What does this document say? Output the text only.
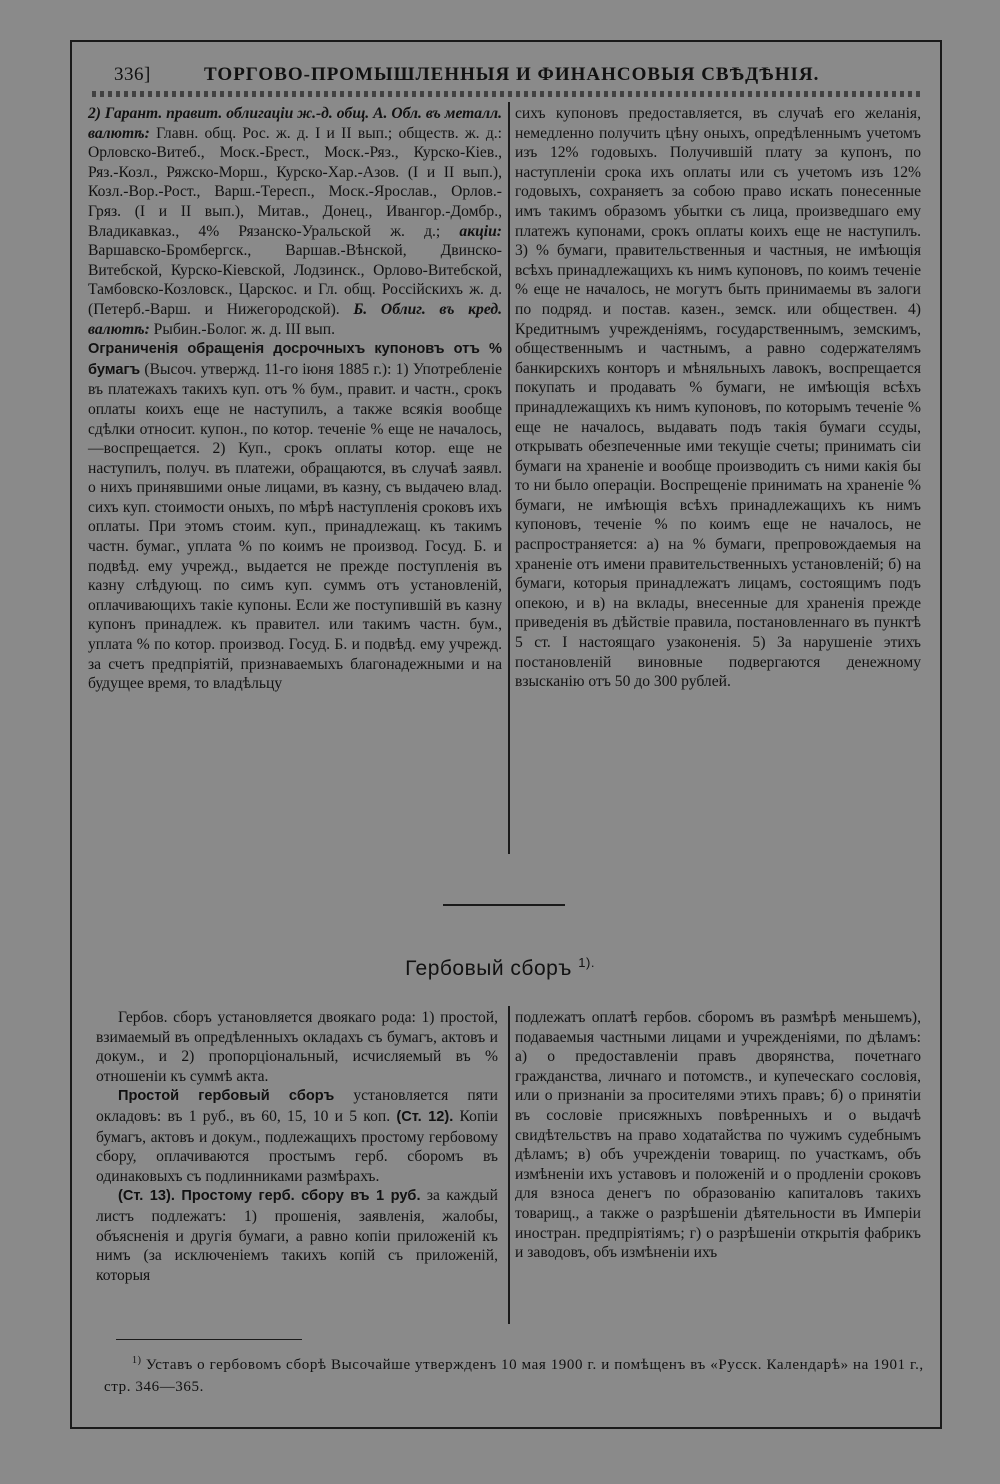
336]	ТОРГОВО-ПРОМЫШЛЕННЫЯ И ФИНАНСОВЫЯ СВѢДѢНІЯ.

2) Гарант. правит. облигаціи ж.-д. общ. А. Обл. въ металл. валютѣ: Главн. общ. Рос. ж. д. I и II вып.; обществ. ж. д.: Орловско-Витеб., Моск.-Брест., Моск.-Ряз., Курско-Кіев., Ряз.-Козл., Ряжско-Морш., Курско-Хар.-Азов. (I и II вып.), Козл.-Вор.-Рост., Варш.-Тересп., Моск.-Ярослав., Орлов.-Гряз. (I и II вып.), Митав., Донец., Ивангор.-Домбр., Владикавказ., 4% Рязанско-Уральской ж. д.; акціи: Варшавско-Бромбергск., Варшав.-Вѣнской, Двинско-Витебской, Курско-Кіевской, Лодзинск., Орлово-Витебской, Тамбовско-Козловск., Царскос. и Гл. общ. Россійскихъ ж. д. (Петерб.-Варш. и Нижегородской). Б. Облиг. въ кред. валютѣ: Рыбин.-Болог. ж. д. III вып.

Ограниченія обращенія досрочныхъ купоновъ отъ % бумагъ (Высоч. утвержд. 11-го іюня 1885 г.): 1) Употребленіе въ платежахъ такихъ куп. отъ % бум., правит. и частн., срокъ оплаты коихъ еще не наступилъ, а также всякія вообще сдѣлки относит. купон., по котор. теченіе % еще не началось,—воспрещается. 2) Куп., срокъ оплаты котор. еще не наступилъ, получ. въ платежи, обращаются, въ случаѣ заявл. о нихъ принявшими оные лицами, въ казну, съ выдачею влад. сихъ куп. стоимости оныхъ, по мѣрѣ наступленія сроковъ ихъ оплаты. При этомъ стоим. куп., принадлежащ. къ такимъ частн. бумаг., уплата % по коимъ не производ. Госуд. Б. и подвѣд. ему учрежд., выдается не прежде поступленія въ казну слѣдующ. по симъ куп. суммъ отъ установленій, оплачивающихъ такіе купоны. Если же поступившій въ казну купонъ принадлеж. къ правител. или такимъ частн. бум., уплата % по котор. производ. Госуд. Б. и подвѣд. ему учрежд. за счетъ предпріятій, признаваемыхъ благонадежными и на будущее время, то владѣльцу

сихъ купоновъ предоставляется, въ случаѣ его желанія, немедленно получить цѣну оныхъ, опредѣленнымъ учетомъ изъ 12% годовыхъ. Получившій плату за купонъ, по наступленіи срока ихъ оплаты или съ учетомъ изъ 12% годовыхъ, сохраняетъ за собою право искать понесенные имъ такимъ образомъ убытки съ лица, произведшаго ему платежъ купонами, срокъ оплаты коихъ еще не наступилъ. 3) % бумаги, правительственныя и частныя, не имѣющія всѣхъ принадлежащихъ къ нимъ купоновъ, по коимъ теченіе % еще не началось, не могутъ быть принимаемы въ залоги по подряд. и постав. казен., земск. или обществен. 4) Кредитнымъ учрежденіямъ, государственнымъ, земскимъ, общественнымъ и частнымъ, а равно содержателямъ банкирскихъ конторъ и мѣняльныхъ лавокъ, воспрещается покупать и продавать % бумаги, не имѣющія всѣхъ принадлежащихъ къ нимъ купоновъ, по которымъ теченіе % еще не началось, выдавать подъ такія бумаги ссуды, открывать обезпеченные ими текущіе счеты; принимать сіи бумаги на храненіе и вообще производить съ ними какія бы то ни было операціи. Воспрещеніе принимать на храненіе % бумаги, не имѣющія всѣхъ принадлежащихъ къ нимъ купоновъ, теченіе % по коимъ еще не началось, не распространяется: а) на % бумаги, препровождаемыя на храненіе отъ имени правительственныхъ установленій; б) на бумаги, которыя принадлежатъ лицамъ, состоящимъ подъ опекою, и в) на вклады, внесенные для храненія прежде приведенія въ дѣйствіе правила, постановленнаго въ пунктѣ 5 ст. I настоящаго узаконенія. 5) За нарушеніе этихъ постановленій виновные подвергаются денежному взысканію отъ 50 до 300 рублей.

Гербовый сборъ $^{1).}$

Гербов. сборъ установляется двоякаго рода: 1) простой, взимаемый въ опредѣленныхъ окладахъ съ бумагъ, актовъ и докум., и 2) пропорціональный, исчисляемый въ % отношеніи къ суммѣ акта.

Простой гербовый сборъ установляется пяти окладовъ: въ 1 руб., въ 60, 15, 10 и 5 коп. (Ст. 12). Копіи бумагъ, актовъ и докум., подлежащихъ простому гербовому сбору, оплачиваются простымъ герб. сборомъ въ одинаковыхъ съ подлинниками размѣрахъ.

(Ст. 13). Простому герб. сбору въ 1 руб. за каждый листъ подлежатъ: 1) прошенія, заявленія, жалобы, объясненія и другія бумаги, а равно копіи приложеній къ нимъ (за исключеніемъ такихъ копій съ приложеній, которыя

подлежатъ оплатѣ гербов. сборомъ въ размѣрѣ меньшемъ), подаваемыя частными лицами и учрежденіями, по дѣламъ: а) о предоставленіи правъ дворянства, почетнаго гражданства, личнаго и потомств., и купеческаго сословія, или о признаніи за просителями этихъ правъ; б) о принятіи въ сословіе присяжныхъ повѣренныхъ и о выдачѣ свидѣтельствъ на право ходатайства по чужимъ судебнымъ дѣламъ; в) объ учрежденіи товарищ. по участкамъ, объ измѣненіи ихъ уставовъ и положеній и о продленіи сроковъ для взноса денегъ по образованію капиталовъ такихъ товарищ., а также о разрѣшеніи дѣятельности въ Имперіи иностран. предпріятіямъ; г) о разрѣшеніи открытія фабрикъ и заводовъ, объ измѣненіи ихъ

$^{1)}$ Уставъ о гербовомъ сборѣ Высочайше утвержденъ 10 мая 1900 г. и помѣщенъ въ «Русск. Календарѣ» на 1901 г., стр. 346—365.
